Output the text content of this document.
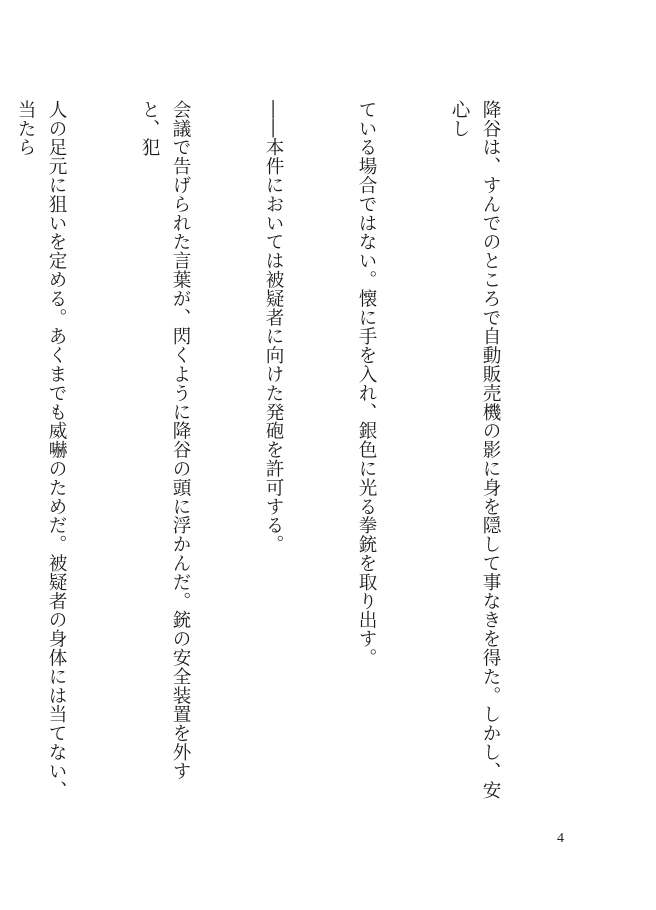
降谷は、すんでのところで自動販売機の影に身を隠して事なきを得た。しかし、安心し

ている場合ではない。懐に手を入れ、銀色に光る拳銃を取り出す。

――本件においては被疑者に向けた発砲を許可する。

会議で告げられた言葉が、閃くように降谷の頭に浮かんだ。銃の安全装置を外すと、犯

人の足元に狙いを定める。あくまでも威嚇のためだ。被疑者の身体には当てない、当たら

4
